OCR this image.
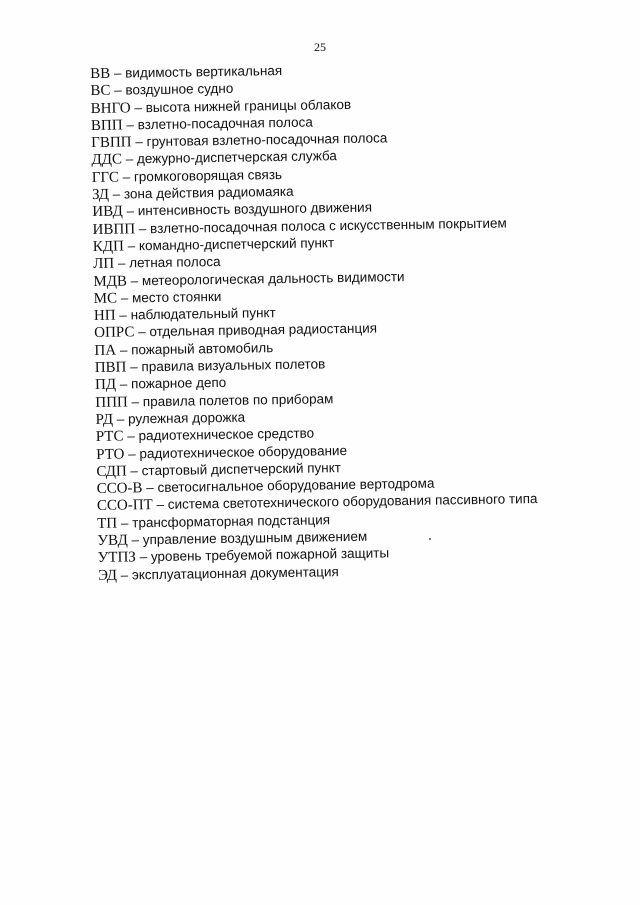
25
ВВ – видимость вертикальная
ВС – воздушное судно
ВНГО – высота нижней границы облаков
ВПП – взлетно-посадочная полоса
ГВПП – грунтовая взлетно-посадочная полоса
ДДС – дежурно-диспетчерская служба
ГГС – громкоговорящая связь
ЗД – зона действия радиомаяка
ИВД – интенсивность воздушного движения
ИВПП – взлетно-посадочная полоса с искусственным покрытием
КДП – командно-диспетчерский пункт
ЛП – летная полоса
МДВ – метеорологическая дальность видимости
МС – место стоянки
НП – наблюдательный пункт
ОПРС – отдельная приводная радиостанция
ПА – пожарный автомобиль
ПВП – правила визуальных полетов
ПД – пожарное депо
ППП – правила полетов по приборам
РД – рулежная дорожка
РТС – радиотехническое средство
РТО – радиотехническое оборудование
СДП – стартовый диспетчерский пункт
ССО-В – светосигнальное оборудование вертодрома
ССО-ПТ – система светотехнического оборудования пассивного типа
ТП – трансформаторная подстанция
УВД – управление воздушным движением
УТПЗ – уровень требуемой пожарной защиты
ЭД – эксплуатационная документация
